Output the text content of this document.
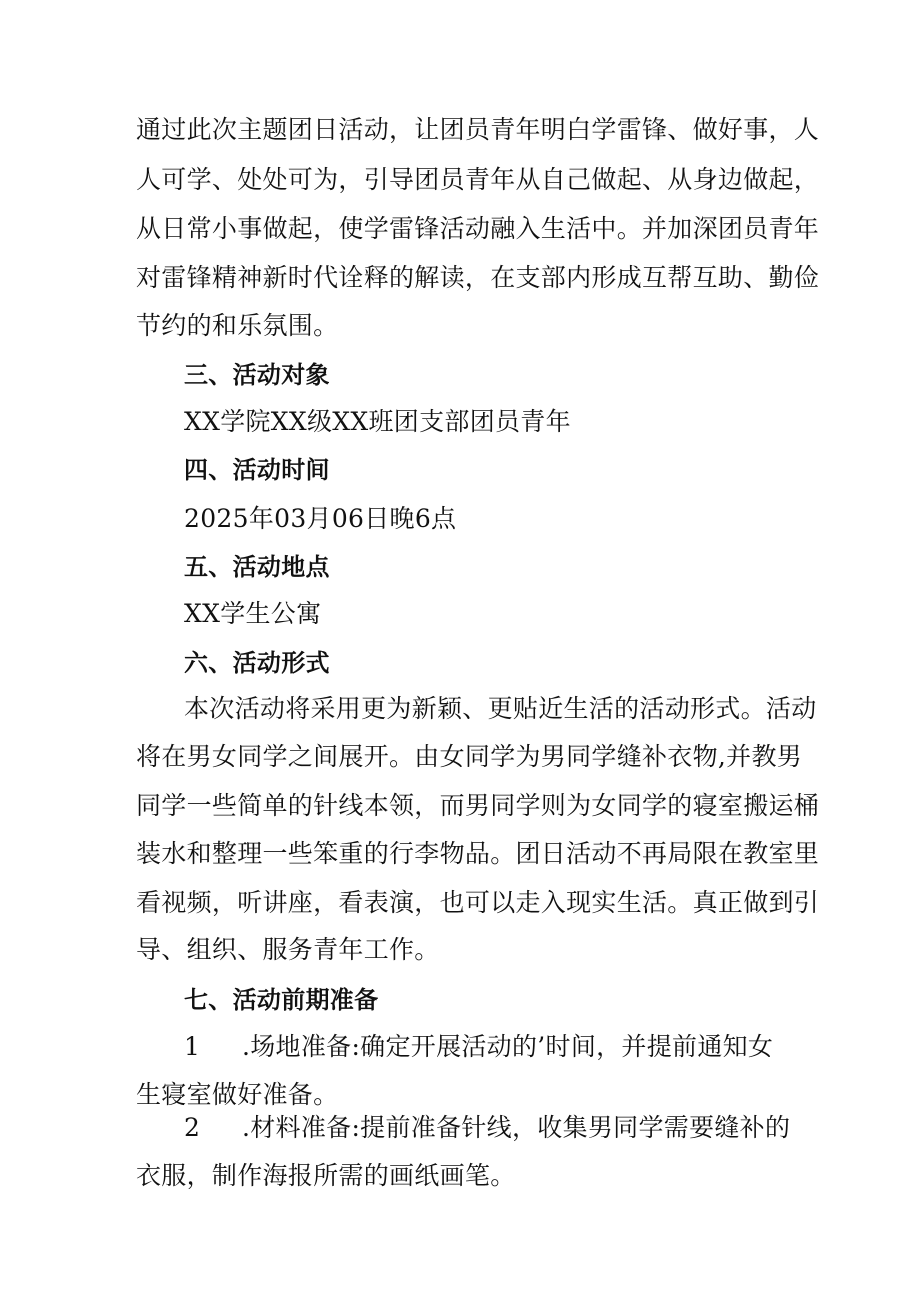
通过此次主题团日活动，让团员青年明白学雷锋、做好事，人
人可学、处处可为，引导团员青年从自己做起、从身边做起，
从日常小事做起，使学雷锋活动融入生活中。并加深团员青年
对雷锋精神新时代诠释的解读，在支部内形成互帮互助、勤俭
节约的和乐氛围。
三、活动对象
XX学院XX级XX班团支部团员青年
四、活动时间
2025年03月06日晚6点
五、活动地点
XX学生公寓
六、活动形式
本次活动将采用更为新颖、更贴近生活的活动形式。活动
将在男女同学之间展开。由女同学为男同学缝补衣物,并教男
同学一些简单的针线本领，而男同学则为女同学的寝室搬运桶
装水和整理一些笨重的行李物品。团日活动不再局限在教室里
看视频，听讲座，看表演，也可以走入现实生活。真正做到引
导、组织、服务青年工作。
七、活动前期准备
1 .场地准备:确定开展活动的’时间，并提前通知女
生寝室做好准备。
2 .材料准备:提前准备针线，收集男同学需要缝补的
衣服，制作海报所需的画纸画笔。
